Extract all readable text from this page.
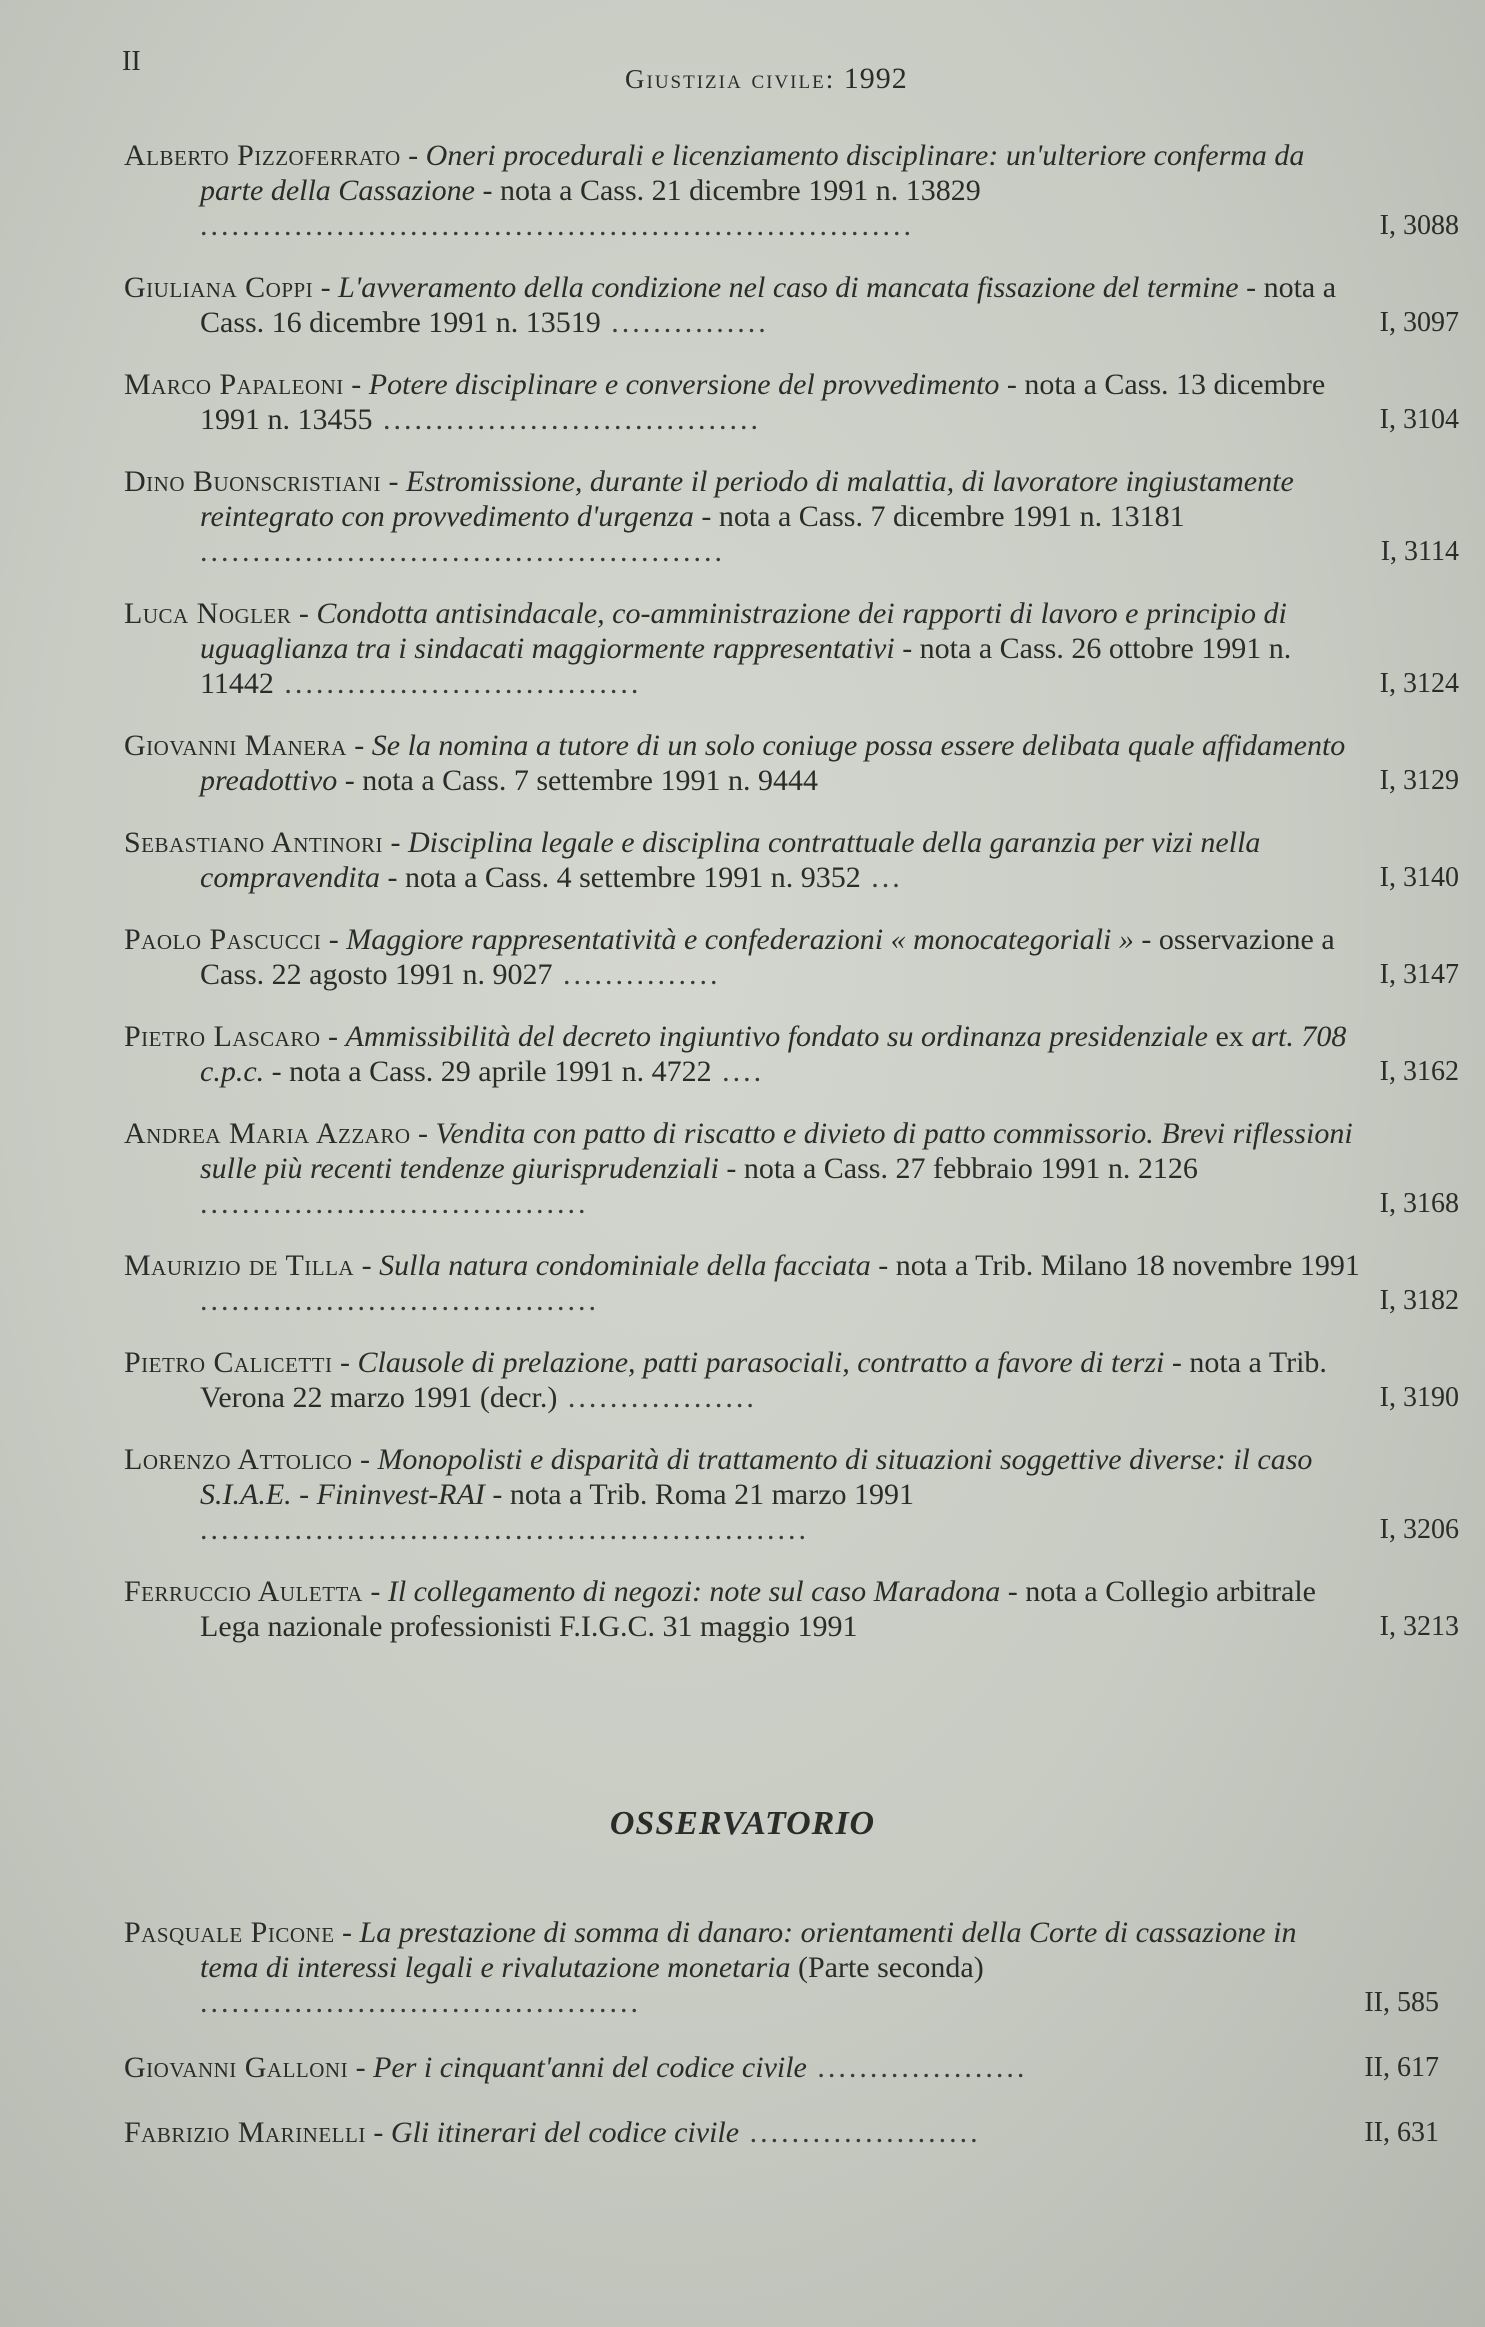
II
Giustizia civile: 1992
Alberto Pizzoferrato - Oneri procedurali e licenziamento disciplinare: un'ulteriore conferma da parte della Cassazione - nota a Cass. 21 dicembre 1991 n. 13829 ....................................................................	I, 3088
Giuliana Coppi - L'avveramento della condizione nel caso di mancata fissazione del termine - nota a Cass. 16 dicembre 1991 n. 13519 ...............	I, 3097
Marco Papaleoni - Potere disciplinare e conversione del provvedimento - nota a Cass. 13 dicembre 1991 n. 13455 ....................................	I, 3104
Dino Buonscristiani - Estromissione, durante il periodo di malattia, di lavoratore ingiustamente reintegrato con provvedimento d'urgenza - nota a Cass. 7 dicembre 1991 n. 13181 ..................................................	I, 3114
Luca Nogler - Condotta antisindacale, co-amministrazione dei rapporti di lavoro e principio di uguaglianza tra i sindacati maggiormente rappresentativi - nota a Cass. 26 ottobre 1991 n. 11442 ..................................	I, 3124
Giovanni Manera - Se la nomina a tutore di un solo coniuge possa essere delibata quale affidamento preadottivo - nota a Cass. 7 settembre 1991 n. 9444	I, 3129
Sebastiano Antinori - Disciplina legale e disciplina contrattuale della garanzia per vizi nella compravendita - nota a Cass. 4 settembre 1991 n. 9352 ...	I, 3140
Paolo Pascucci - Maggiore rappresentatività e confederazioni « monocategoriali » - osservazione a Cass. 22 agosto 1991 n. 9027 ...............	I, 3147
Pietro Lascaro - Ammissibilità del decreto ingiuntivo fondato su ordinanza presidenziale ex art. 708 c.p.c. - nota a Cass. 29 aprile 1991 n. 4722 ....	I, 3162
Andrea Maria Azzaro - Vendita con patto di riscatto e divieto di patto commissorio. Brevi riflessioni sulle più recenti tendenze giurisprudenziali - nota a Cass. 27 febbraio 1991 n. 2126 .....................................	I, 3168
Maurizio de Tilla - Sulla natura condominiale della facciata - nota a Trib. Milano 18 novembre 1991 ......................................	I, 3182
Pietro Calicetti - Clausole di prelazione, patti parasociali, contratto a favore di terzi - nota a Trib. Verona 22 marzo 1991 (decr.) ..................	I, 3190
Lorenzo Attolico - Monopolisti e disparità di trattamento di situazioni soggettive diverse: il caso S.I.A.E. - Fininvest-RAI - nota a Trib. Roma 21 marzo 1991 ..........................................................	I, 3206
Ferruccio Auletta - Il collegamento di negozi: note sul caso Maradona - nota a Collegio arbitrale Lega nazionale professionisti F.I.G.C. 31 maggio 1991	I, 3213
OSSERVATORIO
Pasquale Picone - La prestazione di somma di danaro: orientamenti della Corte di cassazione in tema di interessi legali e rivalutazione monetaria (Parte seconda) ..........................................	II, 585
Giovanni Galloni - Per i cinquant'anni del codice civile ....................	II, 617
Fabrizio Marinelli - Gli itinerari del codice civile ......................	II, 631
